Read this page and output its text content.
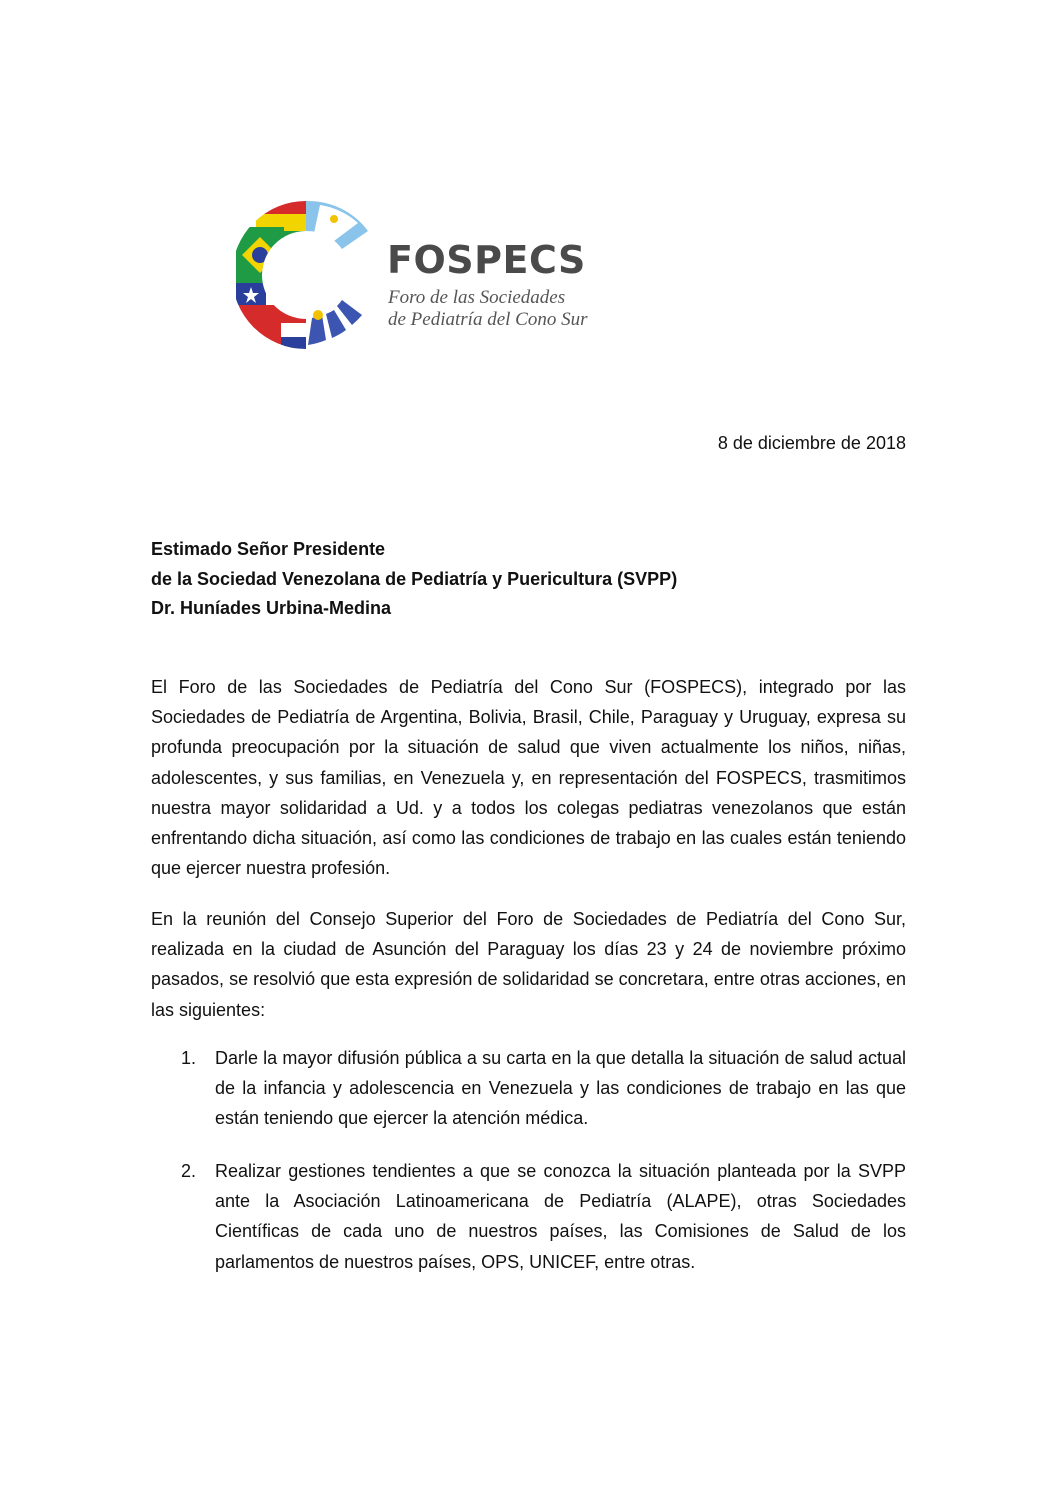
FOSPECS
Foro de las Sociedades
de Pediatría del Cono Sur
8 de diciembre de 2018
Estimado Señor Presidente
de la Sociedad Venezolana de Pediatría y Puericultura (SVPP)
Dr. Huníades Urbina-Medina

El Foro de las Sociedades de Pediatría del Cono Sur (FOSPECS), integrado por las Sociedades de Pediatría de Argentina, Bolivia, Brasil, Chile, Paraguay y Uruguay, expresa su profunda preocupación por la situación de salud que viven actualmente los niños, niñas, adolescentes, y sus familias, en Venezuela y, en representación del FOSPECS, trasmitimos nuestra mayor solidaridad a Ud. y a todos los colegas pediatras venezolanos que están enfrentando dicha situación, así como las condiciones de trabajo en las cuales están teniendo que ejercer nuestra profesión.

En la reunión del Consejo Superior del Foro de Sociedades de Pediatría del Cono Sur, realizada en la ciudad de Asunción del Paraguay los días 23 y 24 de noviembre próximo pasados, se resolvió que esta expresión de solidaridad se concretara, entre otras acciones, en las siguientes:

1. Darle la mayor difusión pública a su carta en la que detalla la situación de salud actual de la infancia y adolescencia en Venezuela y las condiciones de trabajo en las que están teniendo que ejercer la atención médica.
2. Realizar gestiones tendientes a que se conozca la situación planteada por la SVPP ante la Asociación Latinoamericana de Pediatría (ALAPE), otras Sociedades Científicas de cada uno de nuestros países, las Comisiones de Salud de los parlamentos de nuestros países, OPS, UNICEF, entre otras.
